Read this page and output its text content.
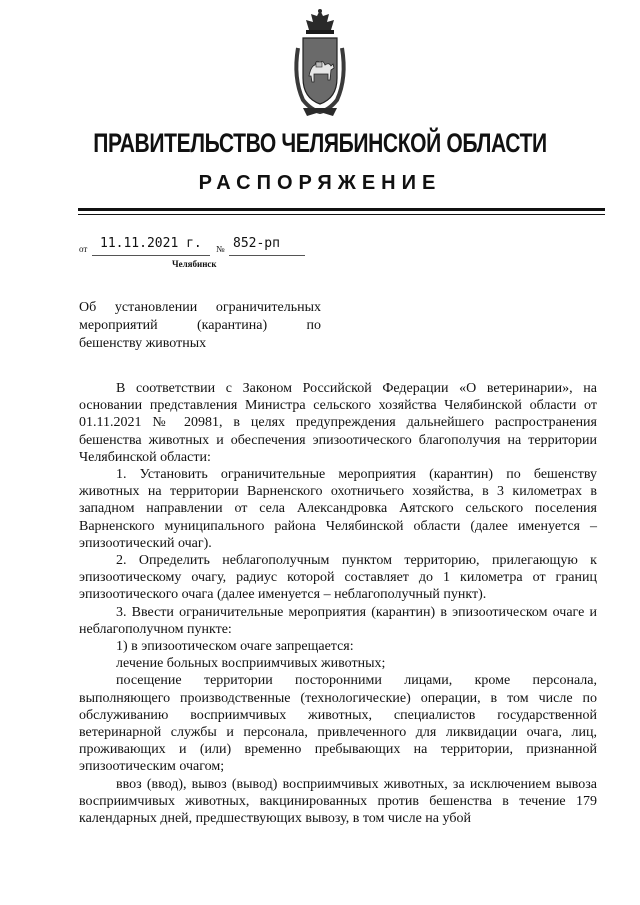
ПРАВИТЕЛЬСТВО ЧЕЛЯБИНСКОЙ ОБЛАСТИ
РАСПОРЯЖЕНИЕ
от 11.11.2021 г. № 852-рп
Челябинск
Об установлении ограничительных
мероприятий (карантина) по
бешенству животных

В соответствии с Законом Российской Федерации «О ветеринарии», на основании представления Министра сельского хозяйства Челябинской области от 01.11.2021 № 20981, в целях предупреждения дальнейшего распространения бешенства животных и обеспечения эпизоотического благополучия на территории Челябинской области:

1. Установить ограничительные мероприятия (карантин) по бешенству животных на территории Варненского охотничьего хозяйства, в 3 километрах в западном направлении от села Александровка Аятского сельского поселения Варненского муниципального района Челябинской области (далее именуется – эпизоотический очаг).

2. Определить неблагополучным пунктом территорию, прилегающую к эпизоотическому очагу, радиус которой составляет до 1 километра от границ эпизоотического очага (далее именуется – неблагополучный пункт).

3. Ввести ограничительные мероприятия (карантин) в эпизоотическом очаге и неблагополучном пункте:

1) в эпизоотическом очаге запрещается:

лечение больных восприимчивых животных;

посещение территории посторонними лицами, кроме персонала, выполняющего производственные (технологические) операции, в том числе по обслуживанию восприимчивых животных, специалистов государственной ветеринарной службы и персонала, привлеченного для ликвидации очага, лиц, проживающих и (или) временно пребывающих на территории, признанной эпизоотическим очагом;

ввоз (ввод), вывоз (вывод) восприимчивых животных, за исключением вывоза восприимчивых животных, вакцинированных против бешенства в течение 179 календарных дней, предшествующих вывозу, в том числе на убой
